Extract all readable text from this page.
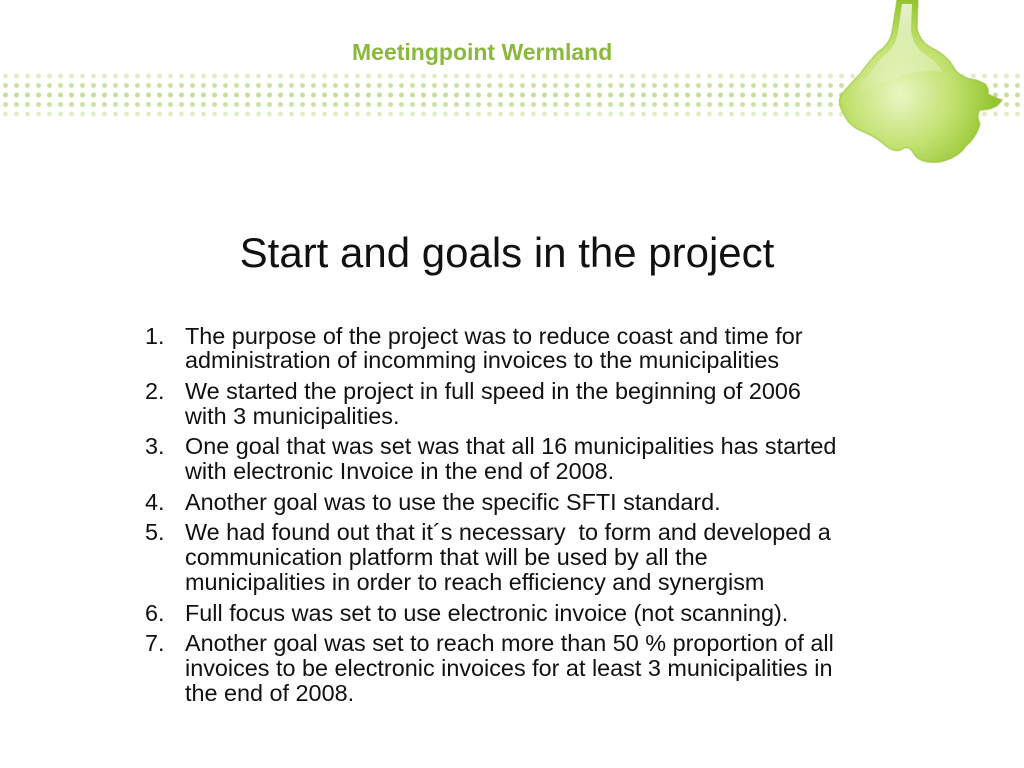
Meetingpoint Wermland
Start and goals in the project
1. The purpose of the project was to reduce coast and time for administration of incomming invoices to the municipalities
2. We started the project in full speed in the beginning of 2006 with 3 municipalities.
3. One goal that was set was that all 16 municipalities has started with electronic Invoice in the end of 2008.
4. Another goal was to use the specific SFTI standard.
5. We had found out that it´s necessary  to form and developed a communication platform that will be used by all the municipalities in order to reach efficiency and synergism
6. Full focus was set to use electronic invoice (not scanning).
7. Another goal was set to reach more than 50 % proportion of all invoices to be electronic invoices for at least 3 municipalities in the end of 2008.
